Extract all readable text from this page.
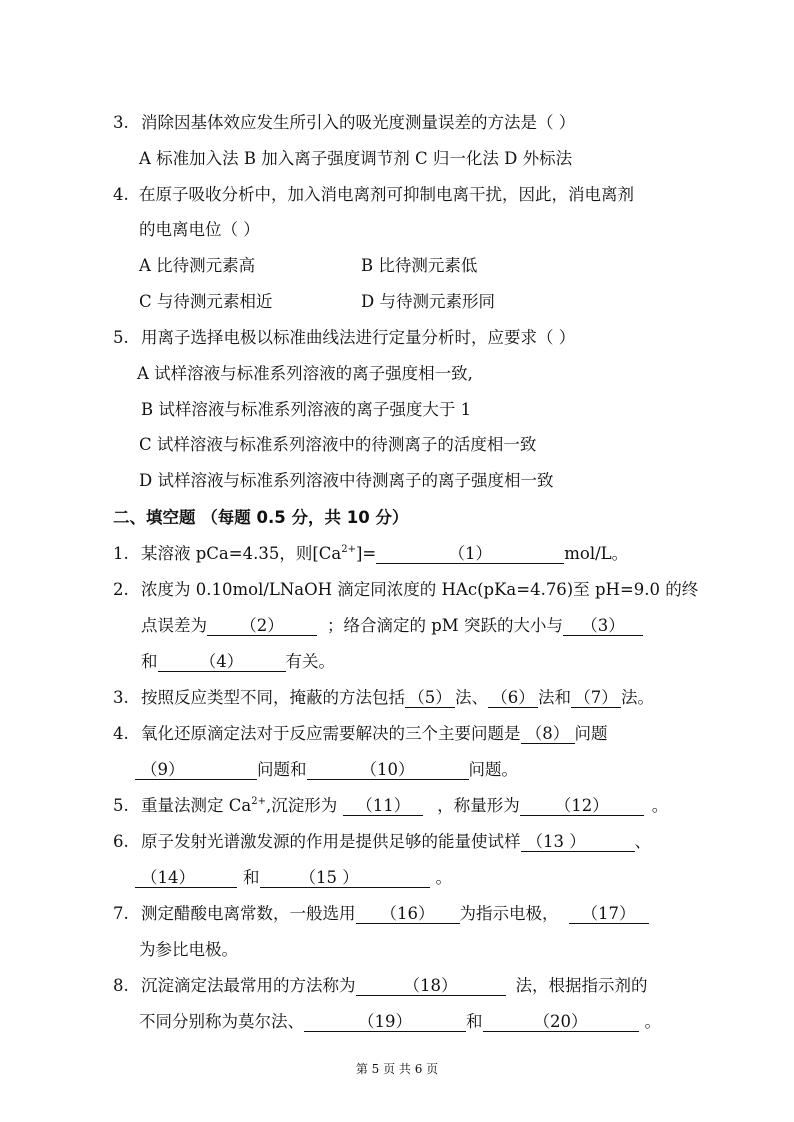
3. 消除因基体效应发生所引入的吸光度测量误差的方法是（ ）
A 标准加入法 B 加入离子强度调节剂 C 归一化法 D 外标法
4. 在原子吸收分析中，加入消电离剂可抑制电离干扰，因此，消电离剂
的电离电位（ ）
A 比待测元素高	B 比待测元素低
C 与待测元素相近	D 与待测元素形同
5. 用离子选择电极以标准曲线法进行定量分析时，应要求（ ）
A 试样溶液与标准系列溶液的离子强度相一致,
B 试样溶液与标准系列溶液的离子强度大于 1
C 试样溶液与标准系列溶液中的待测离子的活度相一致
D 试样溶液与标准系列溶液中待测离子的离子强度相一致
二、填空题 （每题 0.5 分，共 10 分）
1. 某溶液 pCa=4.35，则$[Ca^{2+}]=$	（1）	mol/L。
2. 浓度为 0.10mol/LNaOH 滴定同浓度的 HAc(pKa=4.76)至 pH=9.0 的终
点误差为 （2）	；络合滴定的 pM 突跃的大小与 （3）
和	（4）	有关。
3. 按照反应类型不同，掩蔽的方法包括 （5） 法、 （6） 法和 （7） 法。
4. 氧化还原滴定法对于反应需要解决的三个主要问题是 （8） 问题
（9）	问题和	（10）	问题。
5. 重量法测定 $Ca^{2+}$,沉淀形为 （11） ，称量形为 （12）	。
6. 原子发射光谱激发源的作用是提供足够的能量使试样 （13 ）	、
（14）	和 （15 ）	。
7. 测定醋酸电离常数，一般选用 （16） 为指示电极， （17）
为参比电极。
8. 沉淀滴定法最常用的方法称为	（18）	法，根据指示剂的
不同分别称为莫尔法、	（19）	和	（20）	。
第 5 页 共 6 页
